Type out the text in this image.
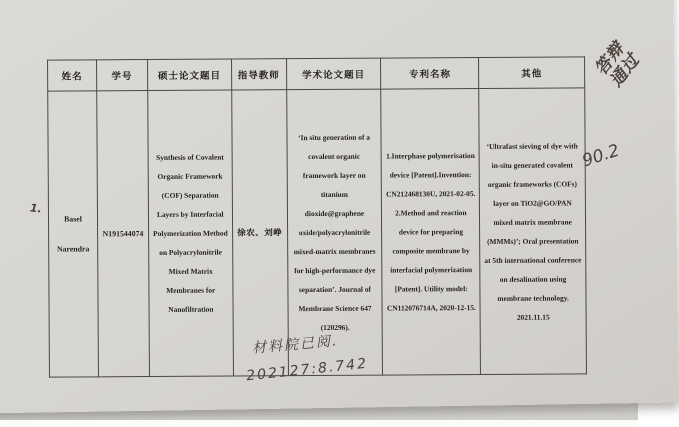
姓名	学号	硕士论文题目	指导教师	学术论文题目	专利名称	其他
Basel Narendra	N191544074	Synthesis of Covalent Organic Framework (COF) Separation Layers by Interfacial Polymerization Method on Polyacrylonitrile Mixed Matrix Membranes for Nanofiltration	徐农、刘峥	‘In situ generation of a covalent organic framework layer on titanium dioxide@graphene oxide/polyacrylonitrile mixed-matrix membranes for high-performance dye separation’. Journal of Membrane Science 647 (120296).	1.Interphase polymerisation device [Patent].Invention: CN212468130U, 2021-02-05. 2.Method and reaction device for preparing composite membrane by interfacial polymerization [Patent]. Utility model: CN112076714A, 2020-12-15.	‘Ultrafast sieving of dye with in-situ generated covalent organic frameworks (COFs) layer on TiO2@GO/PAN mixed matrix membrane (MMMs)’; Oral presentation at 5th international conference on desalination using membrane technology. 2021.11.15
答辩
通过
90.2
材料院已阅.
202127:8.742
1.
